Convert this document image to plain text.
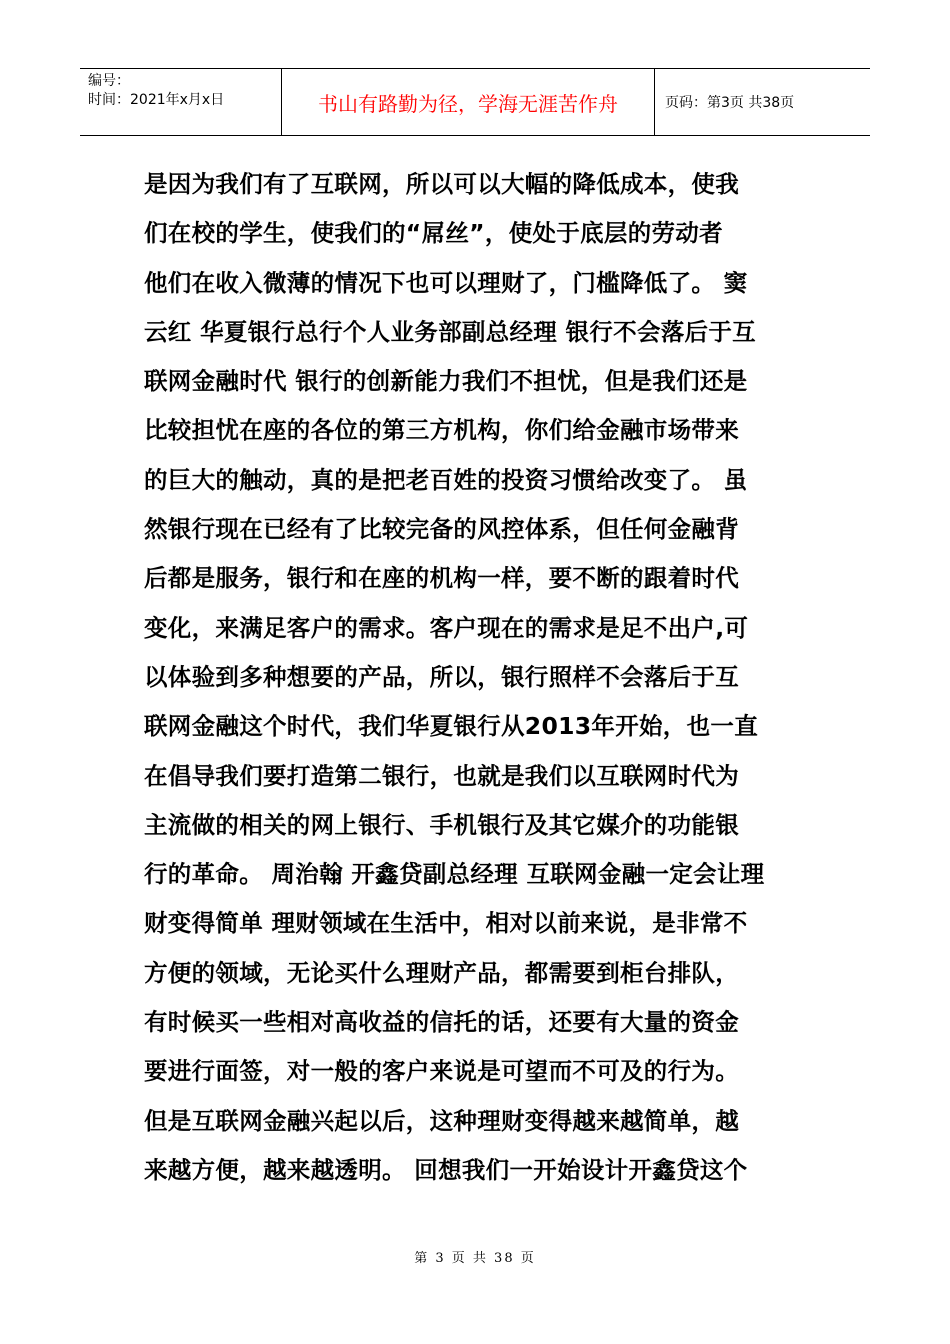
编号：
时间：2021年x月x日	书山有路勤为径，学海无涯苦作舟	页码：第3页 共38页
是因为我们有了互联网，所以可以大幅的降低成本，使我
们在校的学生，使我们的“屌丝”，使处于底层的劳动者
他们在收入微薄的情况下也可以理财了，门槛降低了。 窦
云红 华夏银行总行个人业务部副总经理 银行不会落后于互
联网金融时代 银行的创新能力我们不担忧，但是我们还是
比较担忧在座的各位的第三方机构，你们给金融市场带来
的巨大的触动，真的是把老百姓的投资习惯给改变了。 虽
然银行现在已经有了比较完备的风控体系，但任何金融背
后都是服务，银行和在座的机构一样，要不断的跟着时代
变化，来满足客户的需求。客户现在的需求是足不出户,可
以体验到多种想要的产品，所以，银行照样不会落后于互
联网金融这个时代，我们华夏银行从2013年开始，也一直
在倡导我们要打造第二银行，也就是我们以互联网时代为
主流做的相关的网上银行、手机银行及其它媒介的功能银
行的革命。 周治翰 开鑫贷副总经理 互联网金融一定会让理
财变得简单 理财领域在生活中，相对以前来说，是非常不
方便的领域，无论买什么理财产品，都需要到柜台排队，
有时候买一些相对高收益的信托的话，还要有大量的资金
要进行面签，对一般的客户来说是可望而不可及的行为。
但是互联网金融兴起以后，这种理财变得越来越简单，越
来越方便，越来越透明。 回想我们一开始设计开鑫贷这个
第 3 页 共 38 页
